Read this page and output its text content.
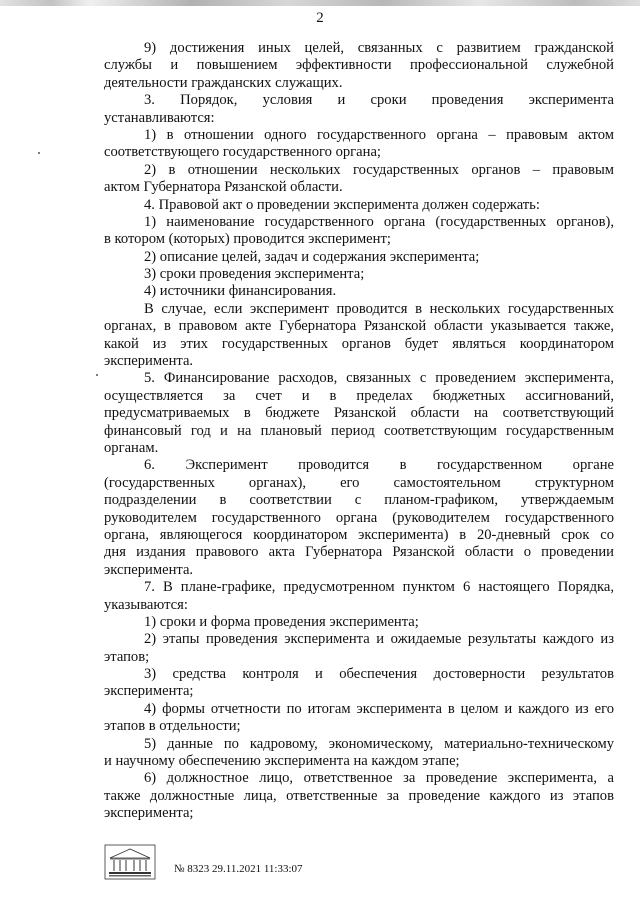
2
9) достижения иных целей, связанных с развитием гражданской
службы и повышением эффективности профессиональной служебной
деятельности гражданских служащих.
3. Порядок, условия и сроки проведения эксперимента
устанавливаются:
1) в отношении одного государственного органа – правовым актом
соответствующего государственного органа;
2) в отношении нескольких государственных органов – правовым
актом Губернатора Рязанской области.
4. Правовой акт о проведении эксперимента должен содержать:
1) наименование государственного органа (государственных органов),
в котором (которых) проводится эксперимент;
2) описание целей, задач и содержания эксперимента;
3) сроки проведения эксперимента;
4) источники финансирования.
В случае, если эксперимент проводится в нескольких государственных
органах, в правовом акте Губернатора Рязанской области указывается также,
какой из этих государственных органов будет являться координатором
эксперимента.
5. Финансирование расходов, связанных с проведением эксперимента,
осуществляется за счет и в пределах бюджетных ассигнований,
предусматриваемых в бюджете Рязанской области на соответствующий
финансовый год и на плановый период соответствующим государственным
органам.
6. Эксперимент проводится в государственном органе
(государственных органах), его самостоятельном структурном
подразделении в соответствии с планом-графиком, утверждаемым
руководителем государственного органа (руководителем государственного
органа, являющегося координатором эксперимента) в 20-дневный срок со
дня издания правового акта Губернатора Рязанской области о проведении
эксперимента.
7. В плане-графике, предусмотренном пунктом 6 настоящего Порядка,
указываются:
1) сроки и форма проведения эксперимента;
2) этапы проведения эксперимента и ожидаемые результаты каждого из
этапов;
3) средства контроля и обеспечения достоверности результатов
эксперимента;
4) формы отчетности по итогам эксперимента в целом и каждого из его
этапов в отдельности;
5) данные по кадровому, экономическому, материально-техническому
и научному обеспечению эксперимента на каждом этапе;
6) должностное лицо, ответственное за проведение эксперимента, а
также должностные лица, ответственные за проведение каждого из этапов
эксперимента;
№ 8323 29.11.2021 11:33:07
